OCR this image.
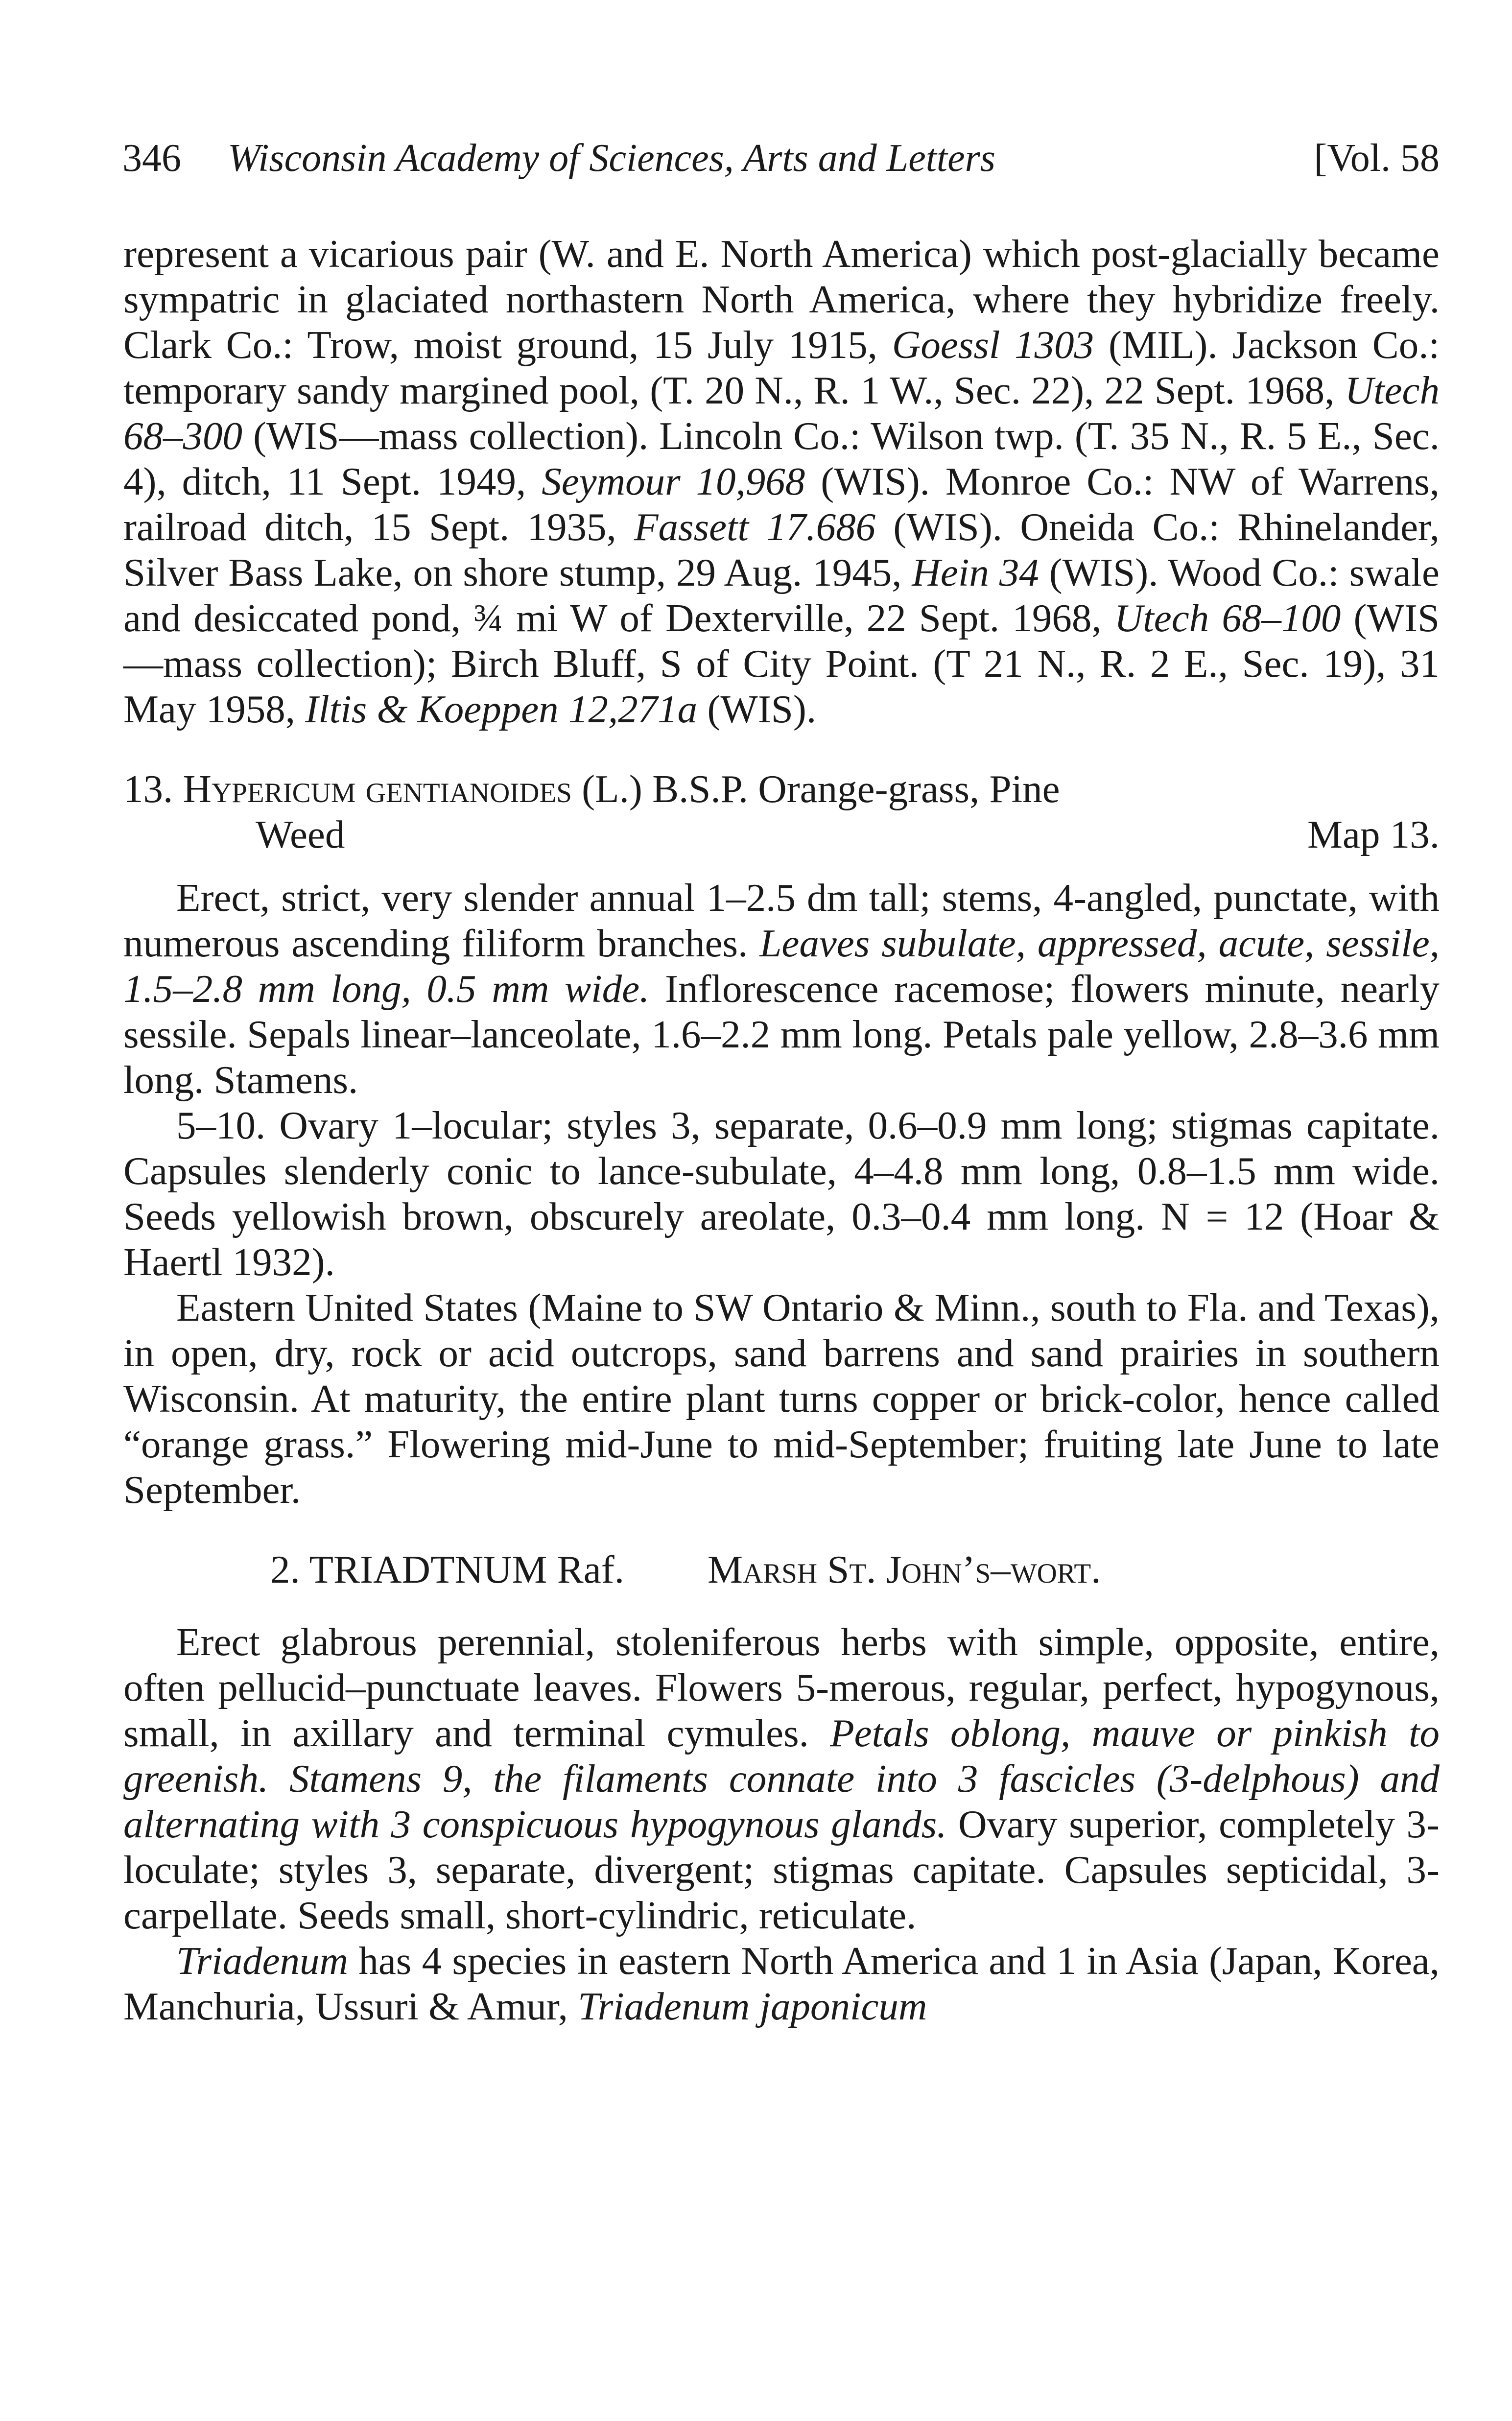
346 Wisconsin Academy of Sciences, Arts and Letters	[Vol. 58

represent a vicarious pair (W. and E. North America) which post-glacially became sympatric in glaciated northastern North America, where they hybridize freely. Clark Co.: Trow, moist ground, 15 July 1915, Goessl 1303 (MIL). Jackson Co.: temporary sandy margined pool, (T. 20 N., R. 1 W., Sec. 22), 22 Sept. 1968, Utech 68–300 (WIS—mass collection). Lincoln Co.: Wilson twp. (T. 35 N., R. 5 E., Sec. 4), ditch, 11 Sept. 1949, Seymour 10,968 (WIS). Monroe Co.: NW of Warrens, railroad ditch, 15 Sept. 1935, Fassett 17.686 (WIS). Oneida Co.: Rhinelander, Silver Bass Lake, on shore stump, 29 Aug. 1945, Hein 34 (WIS). Wood Co.: swale and desiccated pond, ¾ mi W of Dexterville, 22 Sept. 1968, Utech 68–100 (WIS—mass collection); Birch Bluff, S of City Point. (T 21 N., R. 2 E., Sec. 19), 31 May 1958, Iltis & Koeppen 12,271a (WIS).

13. Hypericum gentianoides (L.) B.S.P. Orange-grass, Pine
Weed	Map 13.

Erect, strict, very slender annual 1–2.5 dm tall; stems, 4-angled, punctate, with numerous ascending filiform branches. Leaves subulate, appressed, acute, sessile, 1.5–2.8 mm long, 0.5 mm wide. Inflorescence racemose; flowers minute, nearly sessile. Sepals linear–lanceolate, 1.6–2.2 mm long. Petals pale yellow, 2.8–3.6 mm long. Stamens.

5–10. Ovary 1–locular; styles 3, separate, 0.6–0.9 mm long; stigmas capitate. Capsules slenderly conic to lance-subulate, 4–4.8 mm long, 0.8–1.5 mm wide. Seeds yellowish brown, obscurely areolate, 0.3–0.4 mm long. N = 12 (Hoar & Haertl 1932).

Eastern United States (Maine to SW Ontario & Minn., south to Fla. and Texas), in open, dry, rock or acid outcrops, sand barrens and sand prairies in southern Wisconsin. At maturity, the entire plant turns copper or brick-color, hence called “orange grass.” Flowering mid-June to mid-September; fruiting late June to late September.

2. TRIADTNUM Raf. Marsh St. John’s–wort.

Erect glabrous perennial, stoleniferous herbs with simple, opposite, entire, often pellucid–punctuate leaves. Flowers 5-merous, regular, perfect, hypogynous, small, in axillary and terminal cymules. Petals oblong, mauve or pinkish to greenish. Stamens 9, the filaments connate into 3 fascicles (3-delphous) and alternating with 3 conspicuous hypogynous glands. Ovary superior, completely 3-loculate; styles 3, separate, divergent; stigmas capitate. Capsules septicidal, 3-carpellate. Seeds small, short-cylindric, reticulate.

Triadenum has 4 species in eastern North America and 1 in Asia (Japan, Korea, Manchuria, Ussuri & Amur, Triadenum japonicum
